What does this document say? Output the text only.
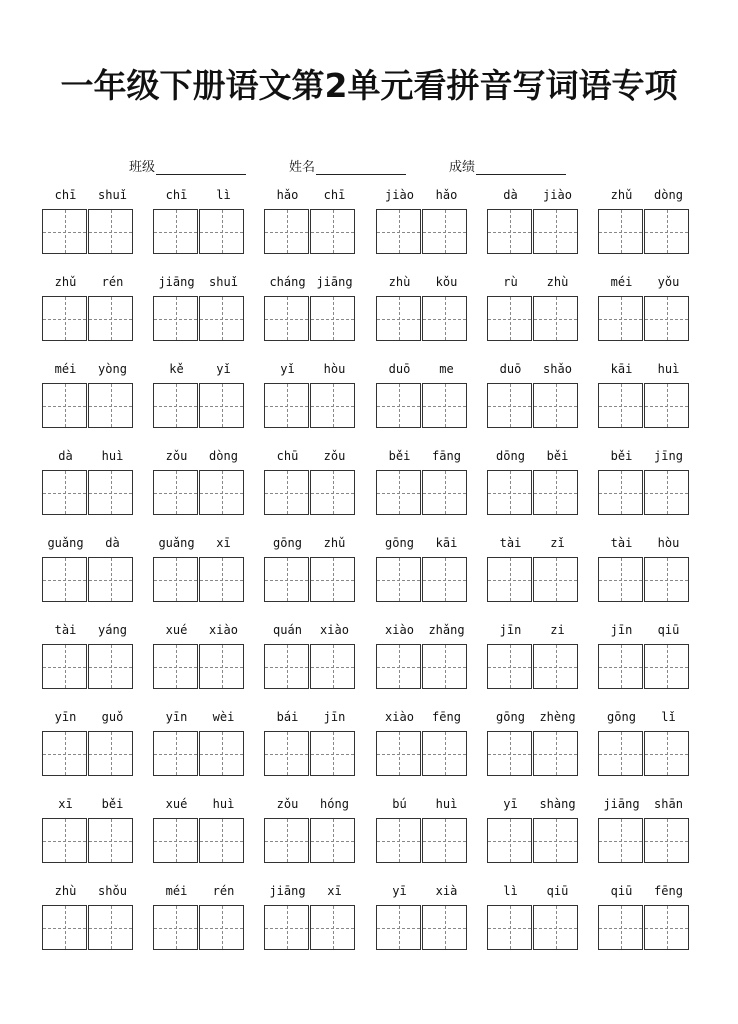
一年级下册语文第2单元看拼音写词语专项
班级	姓名	成绩
chī	shuǐ	chī	lì	hǎo	chī	jiào	hǎo	dà	jiào	zhǔ	dòng
zhǔ	rén	jiāng	shuǐ	cháng jiāng	zhù	kǒu	rù	zhù	méi	yǒu
méi	yòng	kě	yǐ	yǐ	hòu	duō	me	duō	shǎo	kāi	huì
dà	huì	zǒu	dòng	chū	zǒu	běi	fāng	dōng	běi	běi	jīng
guǎng	dà	guǎng	xī	gōng	zhǔ	gōng	kāi	tài	zǐ	tài	hòu
tài	yáng	xué	xiào	quán	xiào	xiào	zhǎng	jīn	zi	jīn	qiū
yīn	guǒ	yīn	wèi	bái	jīn	xiào	fēng	gōng	zhèng	gōng	lǐ
xī	běi	xué	huì	zǒu	hóng	bú	huì	yī	shàng	jiāng	shān
zhù	shǒu	méi	rén	jiāng	xī	yī	xià	lì	qiū	qiū	fēng
